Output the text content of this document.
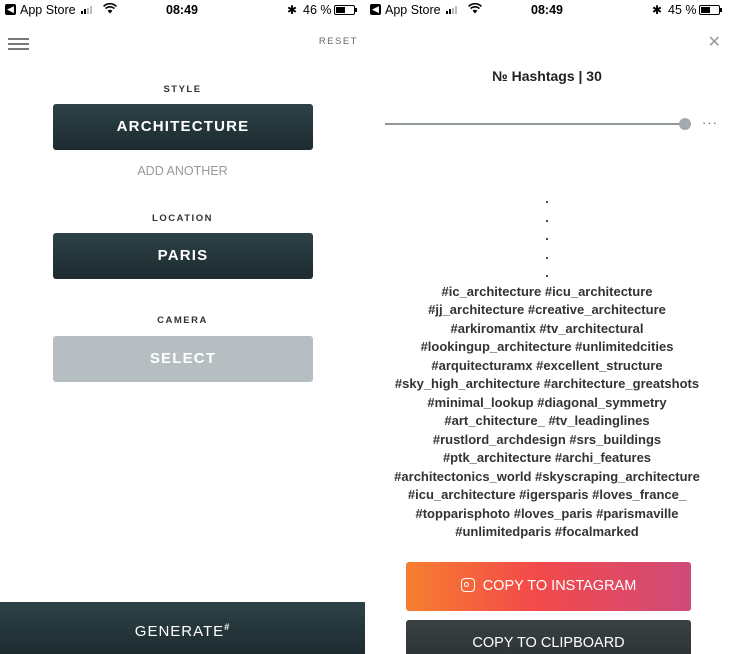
◀ App Store	08:49	✱ 46 %
RESET
STYLE
ARCHITECTURE
ADD ANOTHER
LOCATION
PARIS
CAMERA
SELECT
GENERATE#
◀ App Store	08:49	✱ 45 %
✕
№ Hashtags | 30
···
.
.
.
.
.
#ic_architecture #icu_architecture
#jj_architecture #creative_architecture
#arkiromantix #tv_architectural
#lookingup_architecture #unlimitedcities
#arquitecturamx #excellent_structure
#sky_high_architecture #architecture_greatshots
#minimal_lookup #diagonal_symmetry
#art_chitecture_ #tv_leadinglines
#rustlord_archdesign #srs_buildings
#ptk_architecture #archi_features
#architectonics_world #skyscraping_architecture
#icu_architecture #igersparis #loves_france_
#topparisphoto #loves_paris #parismaville
#unlimitedparis #focalmarked
COPY TO INSTAGRAM
COPY TO CLIPBOARD
